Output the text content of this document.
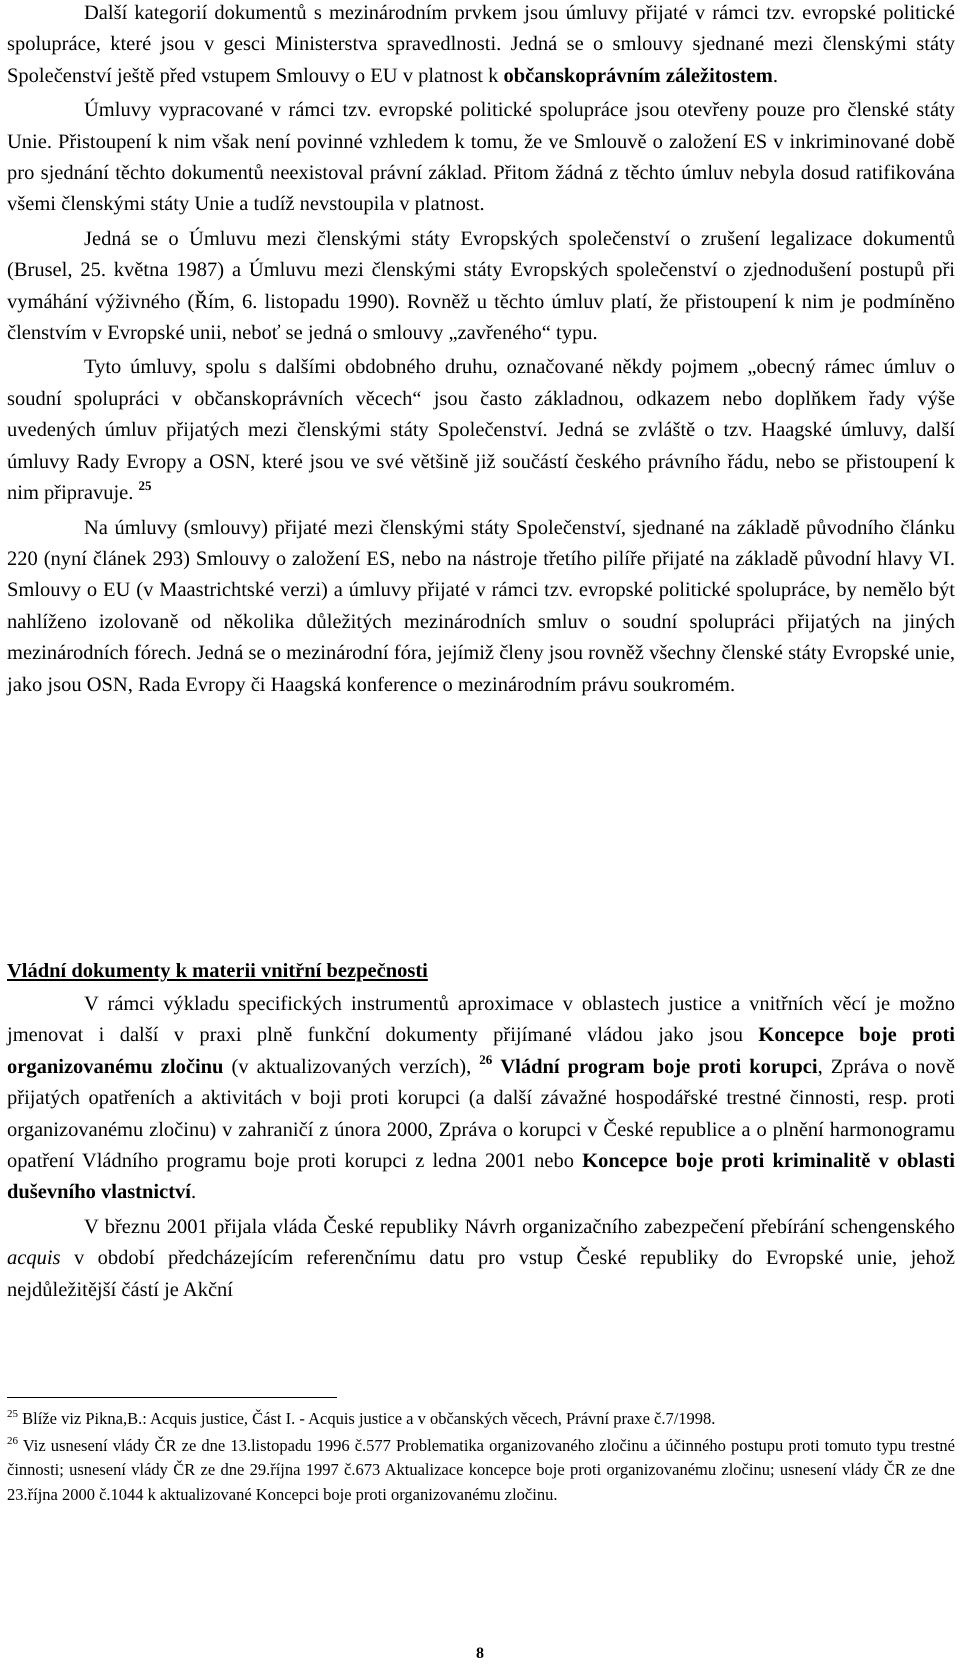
Další kategorií dokumentů s mezinárodním prvkem jsou úmluvy přijaté v rámci tzv. evropské politické spolupráce, které jsou v gesci Ministerstva spravedlnosti. Jedná se o smlouvy sjednané mezi členskými státy Společenství ještě před vstupem Smlouvy o EU v platnost k občanskoprávním záležitostem.

Úmluvy vypracované v rámci tzv. evropské politické spolupráce jsou otevřeny pouze pro členské státy Unie. Přistoupení k nim však není povinné vzhledem k tomu, že ve Smlouvě o založení ES v inkriminované době pro sjednání těchto dokumentů neexistoval právní základ. Přitom žádná z těchto úmluv nebyla dosud ratifikována všemi členskými státy Unie a tudíž nevstoupila v platnost.

Jedná se o Úmluvu mezi členskými státy Evropských společenství o zrušení legalizace dokumentů (Brusel, 25. května 1987) a Úmluvu mezi členskými státy Evropských společenství o zjednodušení postupů při vymáhání výživného (Řím, 6. listopadu 1990). Rovněž u těchto úmluv platí, že přistoupení k nim je podmíněno členstvím v Evropské unii, neboť se jedná o smlouvy „zavřeného“ typu.

Tyto úmluvy, spolu s dalšími obdobného druhu, označované někdy pojmem „obecný rámec úmluv o soudní spolupráci v občanskoprávních věcech“ jsou často základnou, odkazem nebo doplňkem řady výše uvedených úmluv přijatých mezi členskými státy Společenství. Jedná se zvláště o tzv. Haagské úmluvy, další úmluvy Rady Evropy a OSN, které jsou ve své většině již součástí českého právního řádu, nebo se přistoupení k nim připravuje. $^{25}$

Na úmluvy (smlouvy) přijaté mezi členskými státy Společenství, sjednané na základě původního článku 220 (nyní článek 293) Smlouvy o založení ES, nebo na nástroje třetího pilíře přijaté na základě původní hlavy VI. Smlouvy o EU (v Maastrichtské verzi) a úmluvy přijaté v rámci tzv. evropské politické spolupráce, by nemělo být nahlíženo izolovaně od několika důležitých mezinárodních smluv o soudní spolupráci přijatých na jiných mezinárodních fórech. Jedná se o mezinárodní fóra, jejímiž členy jsou rovněž všechny členské státy Evropské unie, jako jsou OSN, Rada Evropy či Haagská konference o mezinárodním právu soukromém.

Vládní dokumenty k materii vnitřní bezpečnosti

V rámci výkladu specifických instrumentů aproximace v oblastech justice a vnitřních věcí je možno jmenovat i další v praxi plně funkční dokumenty přijímané vládou jako jsou Koncepce boje proti organizovanému zločinu (v aktualizovaných verzích), $^{26}$ Vládní program boje proti korupci, Zpráva o nově přijatých opatřeních a aktivitách v boji proti korupci (a další závažné hospodářské trestné činnosti, resp. proti organizovanému zločinu) v zahraničí z února 2000, Zpráva o korupci v České republice a o plnění harmonogramu opatření Vládního programu boje proti korupci z ledna 2001 nebo Koncepce boje proti kriminalitě v oblasti duševního vlastnictví.

V březnu 2001 přijala vláda České republiky Návrh organizačního zabezpečení přebírání schengenského acquis v období předcházejícím referenčnímu datu pro vstup České republiky do Evropské unie, jehož nejdůležitější částí je Akční

$^{25}$ Blíže viz Pikna,B.: Acquis justice, Část I. - Acquis justice a v občanských věcech, Právní praxe č.7/1998.

$^{26}$ Viz usnesení vlády ČR ze dne 13.listopadu 1996 č.577 Problematika organizovaného zločinu a účinného postupu proti tomuto typu trestné činnosti; usnesení vlády ČR ze dne 29.října 1997 č.673 Aktualizace koncepce boje proti organizovanému zločinu; usnesení vlády ČR ze dne 23.října 2000 č.1044 k aktualizované Koncepci boje proti organizovanému zločinu.

8
